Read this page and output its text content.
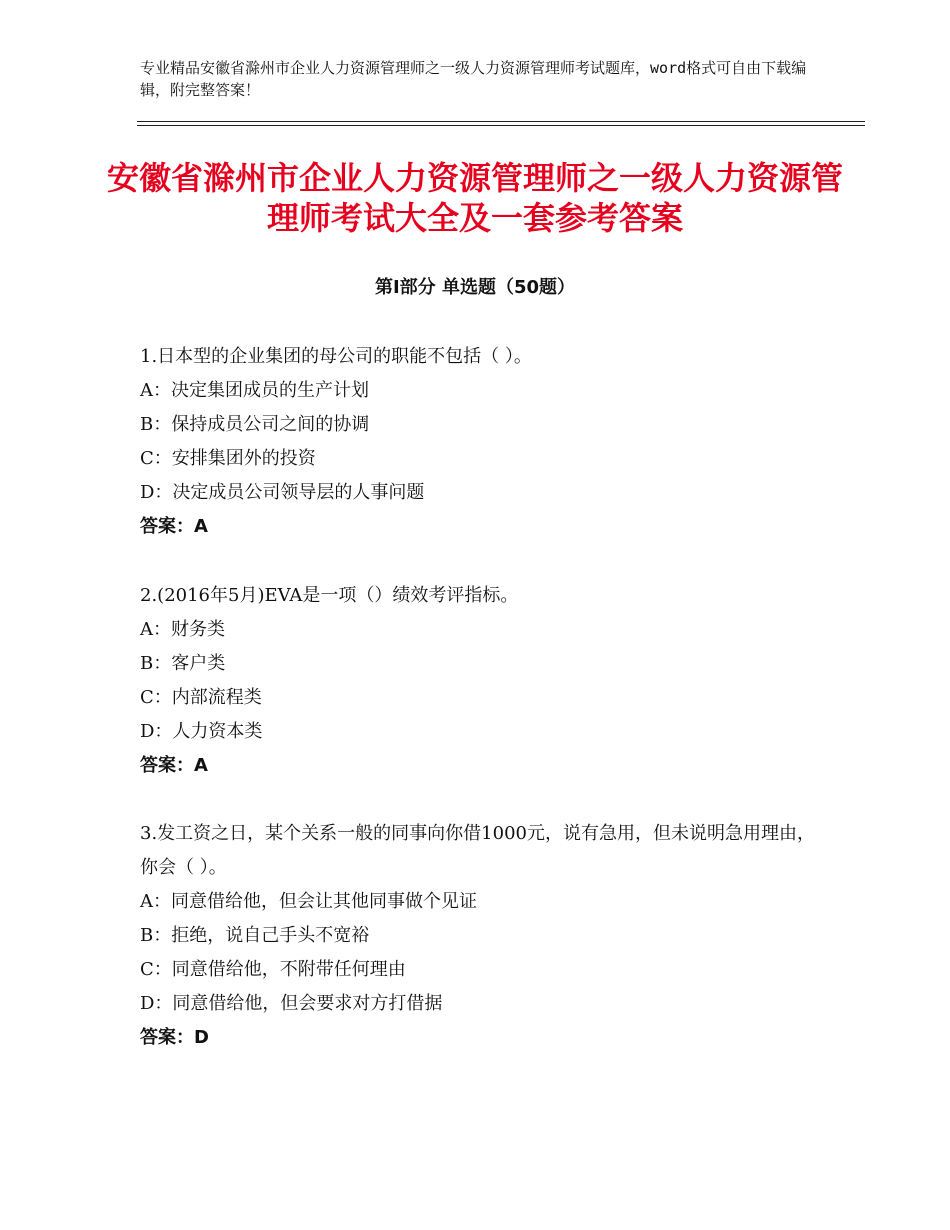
专业精品安徽省滁州市企业人力资源管理师之一级人力资源管理师考试题库，word格式可自由下载编辑，附完整答案！
安徽省滁州市企业人力资源管理师之一级人力资源管理师考试大全及一套参考答案
第Ⅰ部分 单选题（50题）
1.日本型的企业集团的母公司的职能不包括（ ）。
A：决定集团成员的生产计划
B：保持成员公司之间的协调
C：安排集团外的投资
D：决定成员公司领导层的人事问题
答案：A
2.(2016年5月)EVA是一项（）绩效考评指标。
A：财务类
B：客户类
C：内部流程类
D：人力资本类
答案：A
3.发工资之日，某个关系一般的同事向你借1000元，说有急用，但未说明急用理由，你会（ ）。
A：同意借给他，但会让其他同事做个见证
B：拒绝，说自己手头不宽裕
C：同意借给他，不附带任何理由
D：同意借给他，但会要求对方打借据
答案：D
